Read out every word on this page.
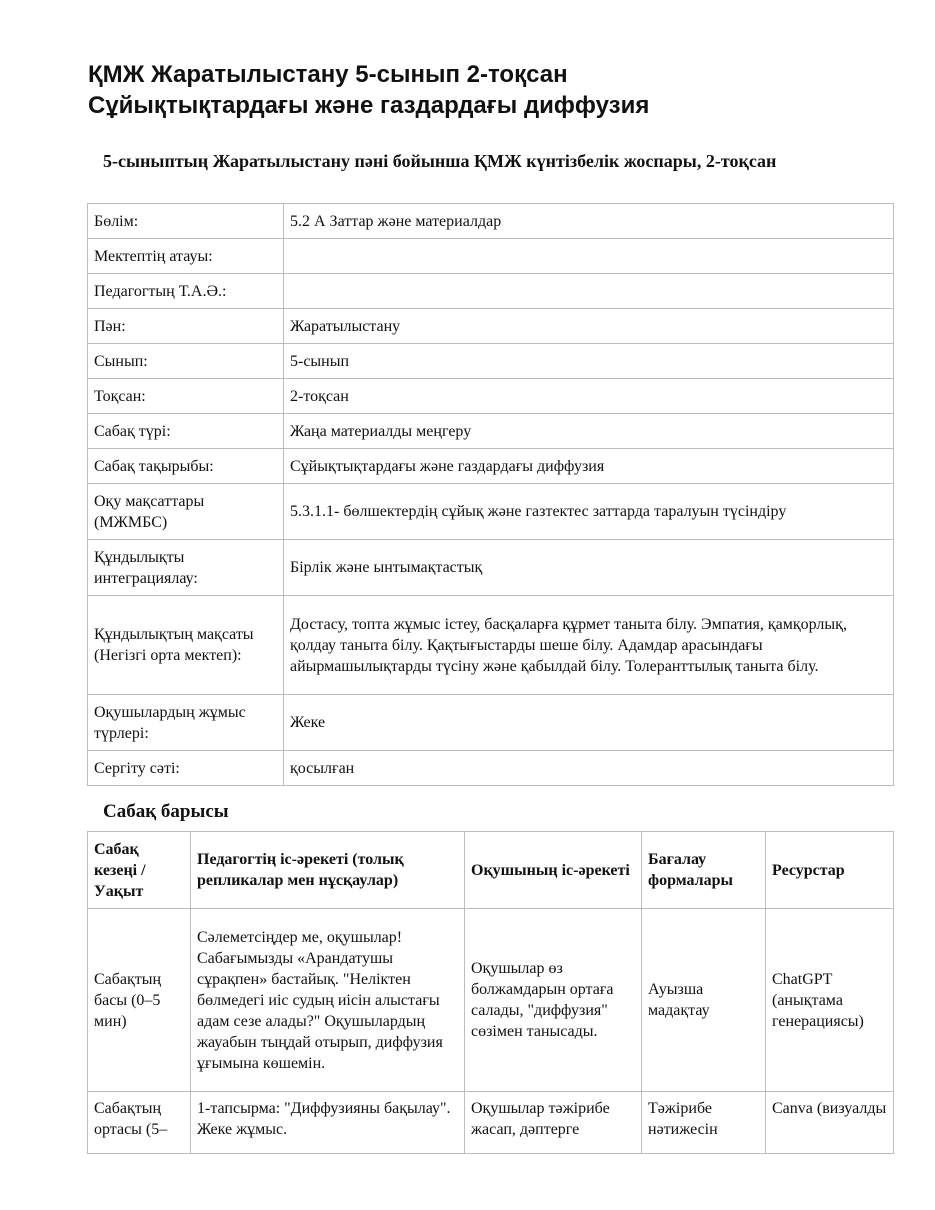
ҚМЖ Жаратылыстану 5-сынып 2-тоқсан
Сұйықтықтардағы және газдардағы диффузия

5-сыныптың Жаратылыстану пәні бойынша ҚМЖ күнтізбелік жоспары, 2-тоқсан

Бөлім:	5.2 А Заттар және материалдар
Мектептің атауы:	
Педагогтың Т.А.Ә.:	
Пән:	Жаратылыстану
Сынып:	5-сынып
Тоқсан:	2-тоқсан
Сабақ түрі:	Жаңа материалды меңгеру
Сабақ тақырыбы:	Сұйықтықтардағы және газдардағы диффузия
Оқу мақсаттары (МЖМБС)	5.3.1.1- бөлшектердің сұйық және газтектес заттарда таралуын түсіндіру
Құндылықты интеграциялау:	Бірлік және ынтымақтастық
Құндылықтың мақсаты (Негізгі орта мектеп):	Достасу, топта жұмыс істеу, басқаларға құрмет таныта білу. Эмпатия, қамқорлық, қолдау таныта білу. Қақтығыстарды шеше білу. Адамдар арасындағы айырмашылықтарды түсіну және қабылдай білу. Толеранттылық таныта білу.
Оқушылардың жұмыс түрлері:	Жеке
Сергіту сәті:	қосылған
Сабақ барысы
Сабақ кезеңі / Уақыт	Педагогтің іс-әрекеті (толық репликалар мен нұсқаулар)	Оқушының іс-әрекеті	Бағалау формалары	Ресурстар
Сабақтың басы (0–5 мин)	Сәлеметсіңдер ме, оқушылар! Сабағымызды «Арандатушы сұрақпен» бастайық. "Неліктен бөлмедегі иіс судың иісін алыстағы адам сезе алады?" Оқушылардың жауабын тыңдай отырып, диффузия ұғымына көшемін.	Оқушылар өз болжамдарын ортаға салады, "диффузия" сөзімен танысады.	Ауызша мадақтау	ChatGPT (анықтама генерациясы)
Сабақтың ортасы (5–	1-тапсырма: "Диффузияны бақылау". Жеке жұмыс.	Оқушылар тәжірибе жасап, дәптерге	Тәжірибе нәтижесін	Canva (визуалды
